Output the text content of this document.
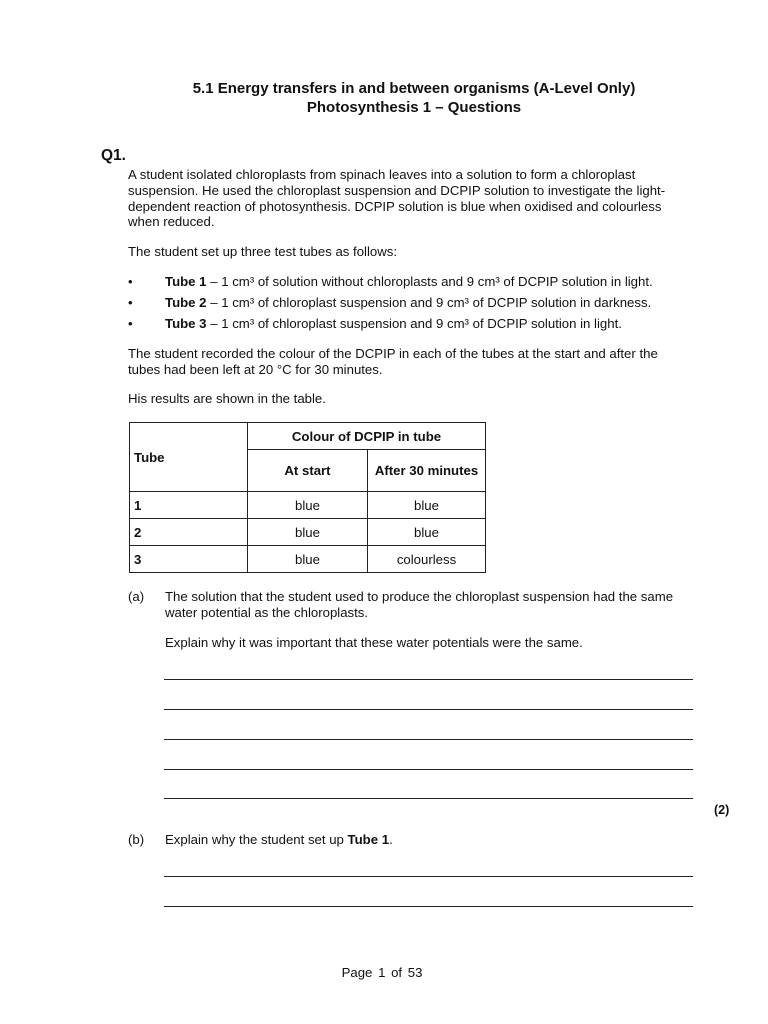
5.1 Energy transfers in and between organisms (A-Level Only)
Photosynthesis 1 – Questions
Q1.
A student isolated chloroplasts from spinach leaves into a solution to form a chloroplast suspension. He used the chloroplast suspension and DCPIP solution to investigate the light-dependent reaction of photosynthesis. DCPIP solution is blue when oxidised and colourless when reduced.
The student set up three test tubes as follows:
• Tube 1 – 1 cm³ of solution without chloroplasts and 9 cm³ of DCPIP solution in light.
• Tube 2 – 1 cm³ of chloroplast suspension and 9 cm³ of DCPIP solution in darkness.
• Tube 3 – 1 cm³ of chloroplast suspension and 9 cm³ of DCPIP solution in light.
The student recorded the colour of the DCPIP in each of the tubes at the start and after the tubes had been left at 20 °C for 30 minutes.
His results are shown in the table.
Tube	Colour of DCPIP in tube	
	At start	After 30 minutes
1	blue	blue
2	blue	blue
3	blue	colourless
(a) The solution that the student used to produce the chloroplast suspension had the same water potential as the chloroplasts.
Explain why it was important that these water potentials were the same.
(2)
(b) Explain why the student set up Tube 1.
Page 1 of 53
